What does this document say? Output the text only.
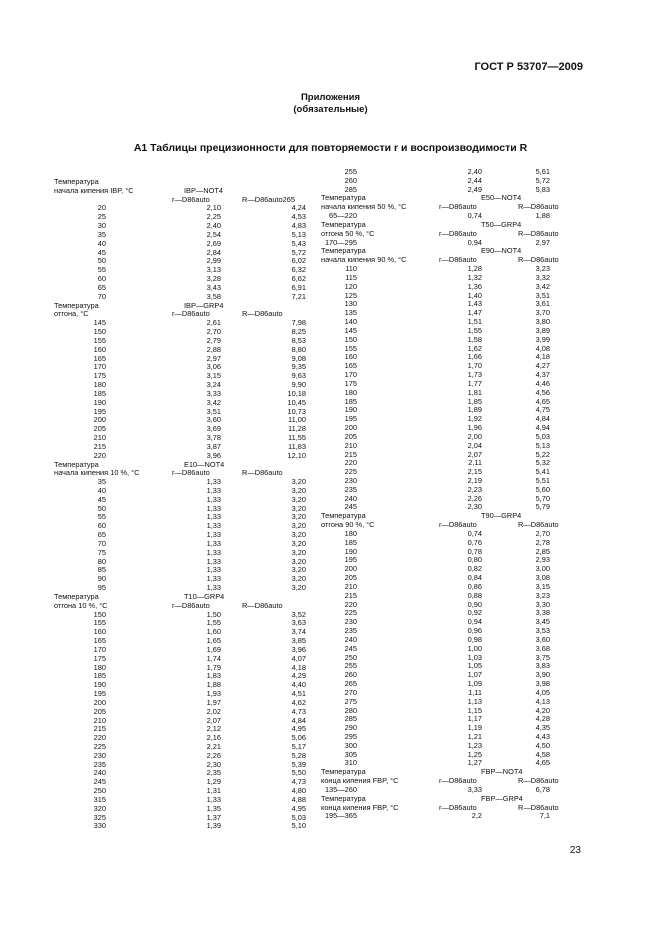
ГОСТ Р 53707—2009
Приложения
(обязательные)
А1 Таблицы прецизионности для повторяемости r и воспроизводимости R
Температура
начала кипения IBP, °C	IBP—NOT4
r—D86auto	R—D86auto265
20	2,10	4,24
25	2,25	4,53
30	2,40	4,83
35	2,54	5,13
40	2,69	5,43
45	2,84	5,72
50	2,99	6,02
55	3,13	6,32
60	3,28	6,62
65	3,43	6,91
70	3,58	7,21
Температура	IBP—GRP4
отгона, °C	r—D86auto	R—D86auto
145	2,61	7,98
150	2,70	8,25
155	2,79	8,53
160	2,88	8,80
165	2,97	9,08
170	3,06	9,35
175	3,15	9,63
180	3,24	9,90
185	3,33	10,18
190	3,42	10,45
195	3,51	10,73
200	3,60	11,00
205	3,69	11,28
210	3,78	11,55
215	3,87	11,83
220	3,96	12,10
Температура	E10—NOT4
начала кипения 10 %, °C	r—D86auto	R—D86auto
35	1,33	3,20
40	1,33	3,20
45	1,33	3,20
50	1,33	3,20
55	1,33	3,20
60	1,33	3,20
65	1,33	3,20
70	1,33	3,20
75	1,33	3,20
80	1,33	3,20
85	1,33	3,20
90	1,33	3,20
95	1,33	3,20
Температура	T10—GRP4
отгона 10 %, °C	r—D86auto	R—D86auto
150	1,50	3,52
155	1,55	3,63
160	1,60	3,74
165	1,65	3,85
170	1,69	3,96
175	1,74	4,07
180	1,79	4,18
185	1,83	4,29
190	1,88	4,40
195	1,93	4,51
200	1,97	4,62
205	2,02	4,73
210	2,07	4,84
215	2,12	4,95
220	2,16	5,06
225	2,21	5,17
230	2,26	5,28
235	2,30	5,39
240	2,35	5,50
245	1,29	4,73
250	1,31	4,80
315	1,33	4,88
320	1,35	4,95
325	1,37	5,03
330	1,39	5,10
255	2,40	5,61
260	2,44	5,72
285	2,49	5,83
Температура	E50—NOT4
начала кипения 50 %, °C	r—D86auto	R—D86auto
65—220	0,74	1,88
Температура	T50—GRP4
отгона 50 %, °C	r—D86auto	R—D86auto
170—295	0,94	2,97
Температура	E90—NOT4
начала кипения 90 %, °C	r—D86auto	R—D86auto
110	1,28	3,23
115	1,32	3,32
120	1,36	3,42
125	1,40	3,51
130	1,43	3,61
135	1,47	3,70
140	1,51	3,80
145	1,55	3,89
150	1,58	3,99
155	1,62	4,08
160	1,66	4,18
165	1,70	4,27
170	1,73	4,37
175	1,77	4,46
180	1,81	4,56
185	1,85	4,65
190	1,89	4,75
195	1,92	4,84
200	1,96	4,94
205	2,00	5,03
210	2,04	5,13
215	2,07	5,22
220	2,11	5,32
225	2,15	5,41
230	2,19	5,51
235	2,23	5,60
240	2,26	5,70
245	2,30	5,79
Температура	T90—GRP4
отгона 90 %, °C	r—D86auto	R—D86auto
180	0,74	2,70
185	0,76	2,78
190	0,78	2,85
195	0,80	2,93
200	0,82	3,00
205	0,84	3,08
210	0,86	3,15
215	0,88	3,23
220	0,90	3,30
225	0,92	3,38
230	0,94	3,45
235	0,96	3,53
240	0,98	3,60
245	1,00	3,68
250	1,03	3,75
255	1,05	3,83
260	1,07	3,90
265	1,09	3,98
270	1,11	4,05
275	1,13	4,13
280	1,15	4,20
285	1,17	4,28
290	1,19	4,35
295	1,21	4,43
300	1,23	4,50
305	1,25	4,58
310	1,27	4,65
Температура	FBP—NOT4
конца кипения FBP, °C	r—D86auto	R—D86auto
135—260	3,33	6,78
Температура	FBP—GRP4
конца кипения FBP, °C	r—D86auto	R—D86auto
195—365	2,2	7,1
23
